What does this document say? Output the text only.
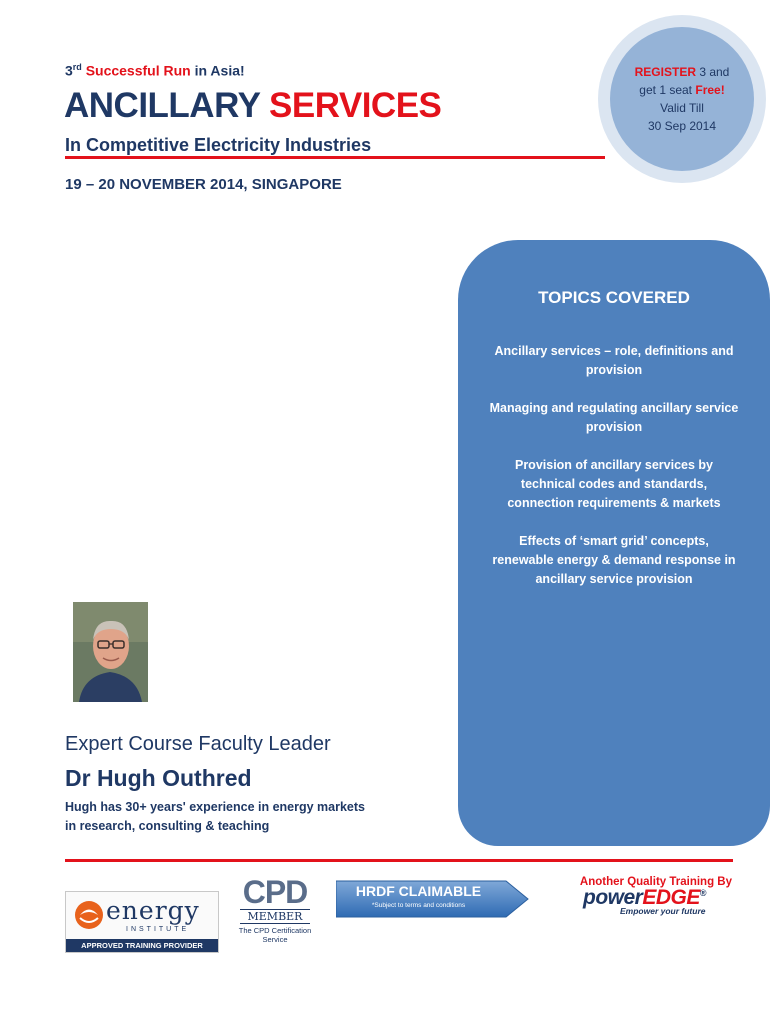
3rd Successful Run in Asia!
ANCILLARY SERVICES
In Competitive Electricity Industries
19 – 20 NOVEMBER 2014, SINGAPORE
REGISTER 3 and
get 1 seat Free!
Valid Till
30 Sep 2014
TOPICS COVERED
Ancillary services – role, definitions and provision
Managing and regulating ancillary service provision
Provision of ancillary services by technical codes and standards, connection requirements & markets
Effects of ‘smart grid’ concepts, renewable energy & demand response in ancillary service provision
Expert Course Faculty Leader
Dr Hugh Outhred
Hugh has 30+ years' experience in energy markets in research, consulting & teaching
energy
INSTITUTE
APPROVED TRAINING PROVIDER
CPD
MEMBER
The CPD Certification Service
HRDF CLAIMABLE
*Subject to terms and conditions
Another Quality Training By
powerEDGE®
Empower your future
